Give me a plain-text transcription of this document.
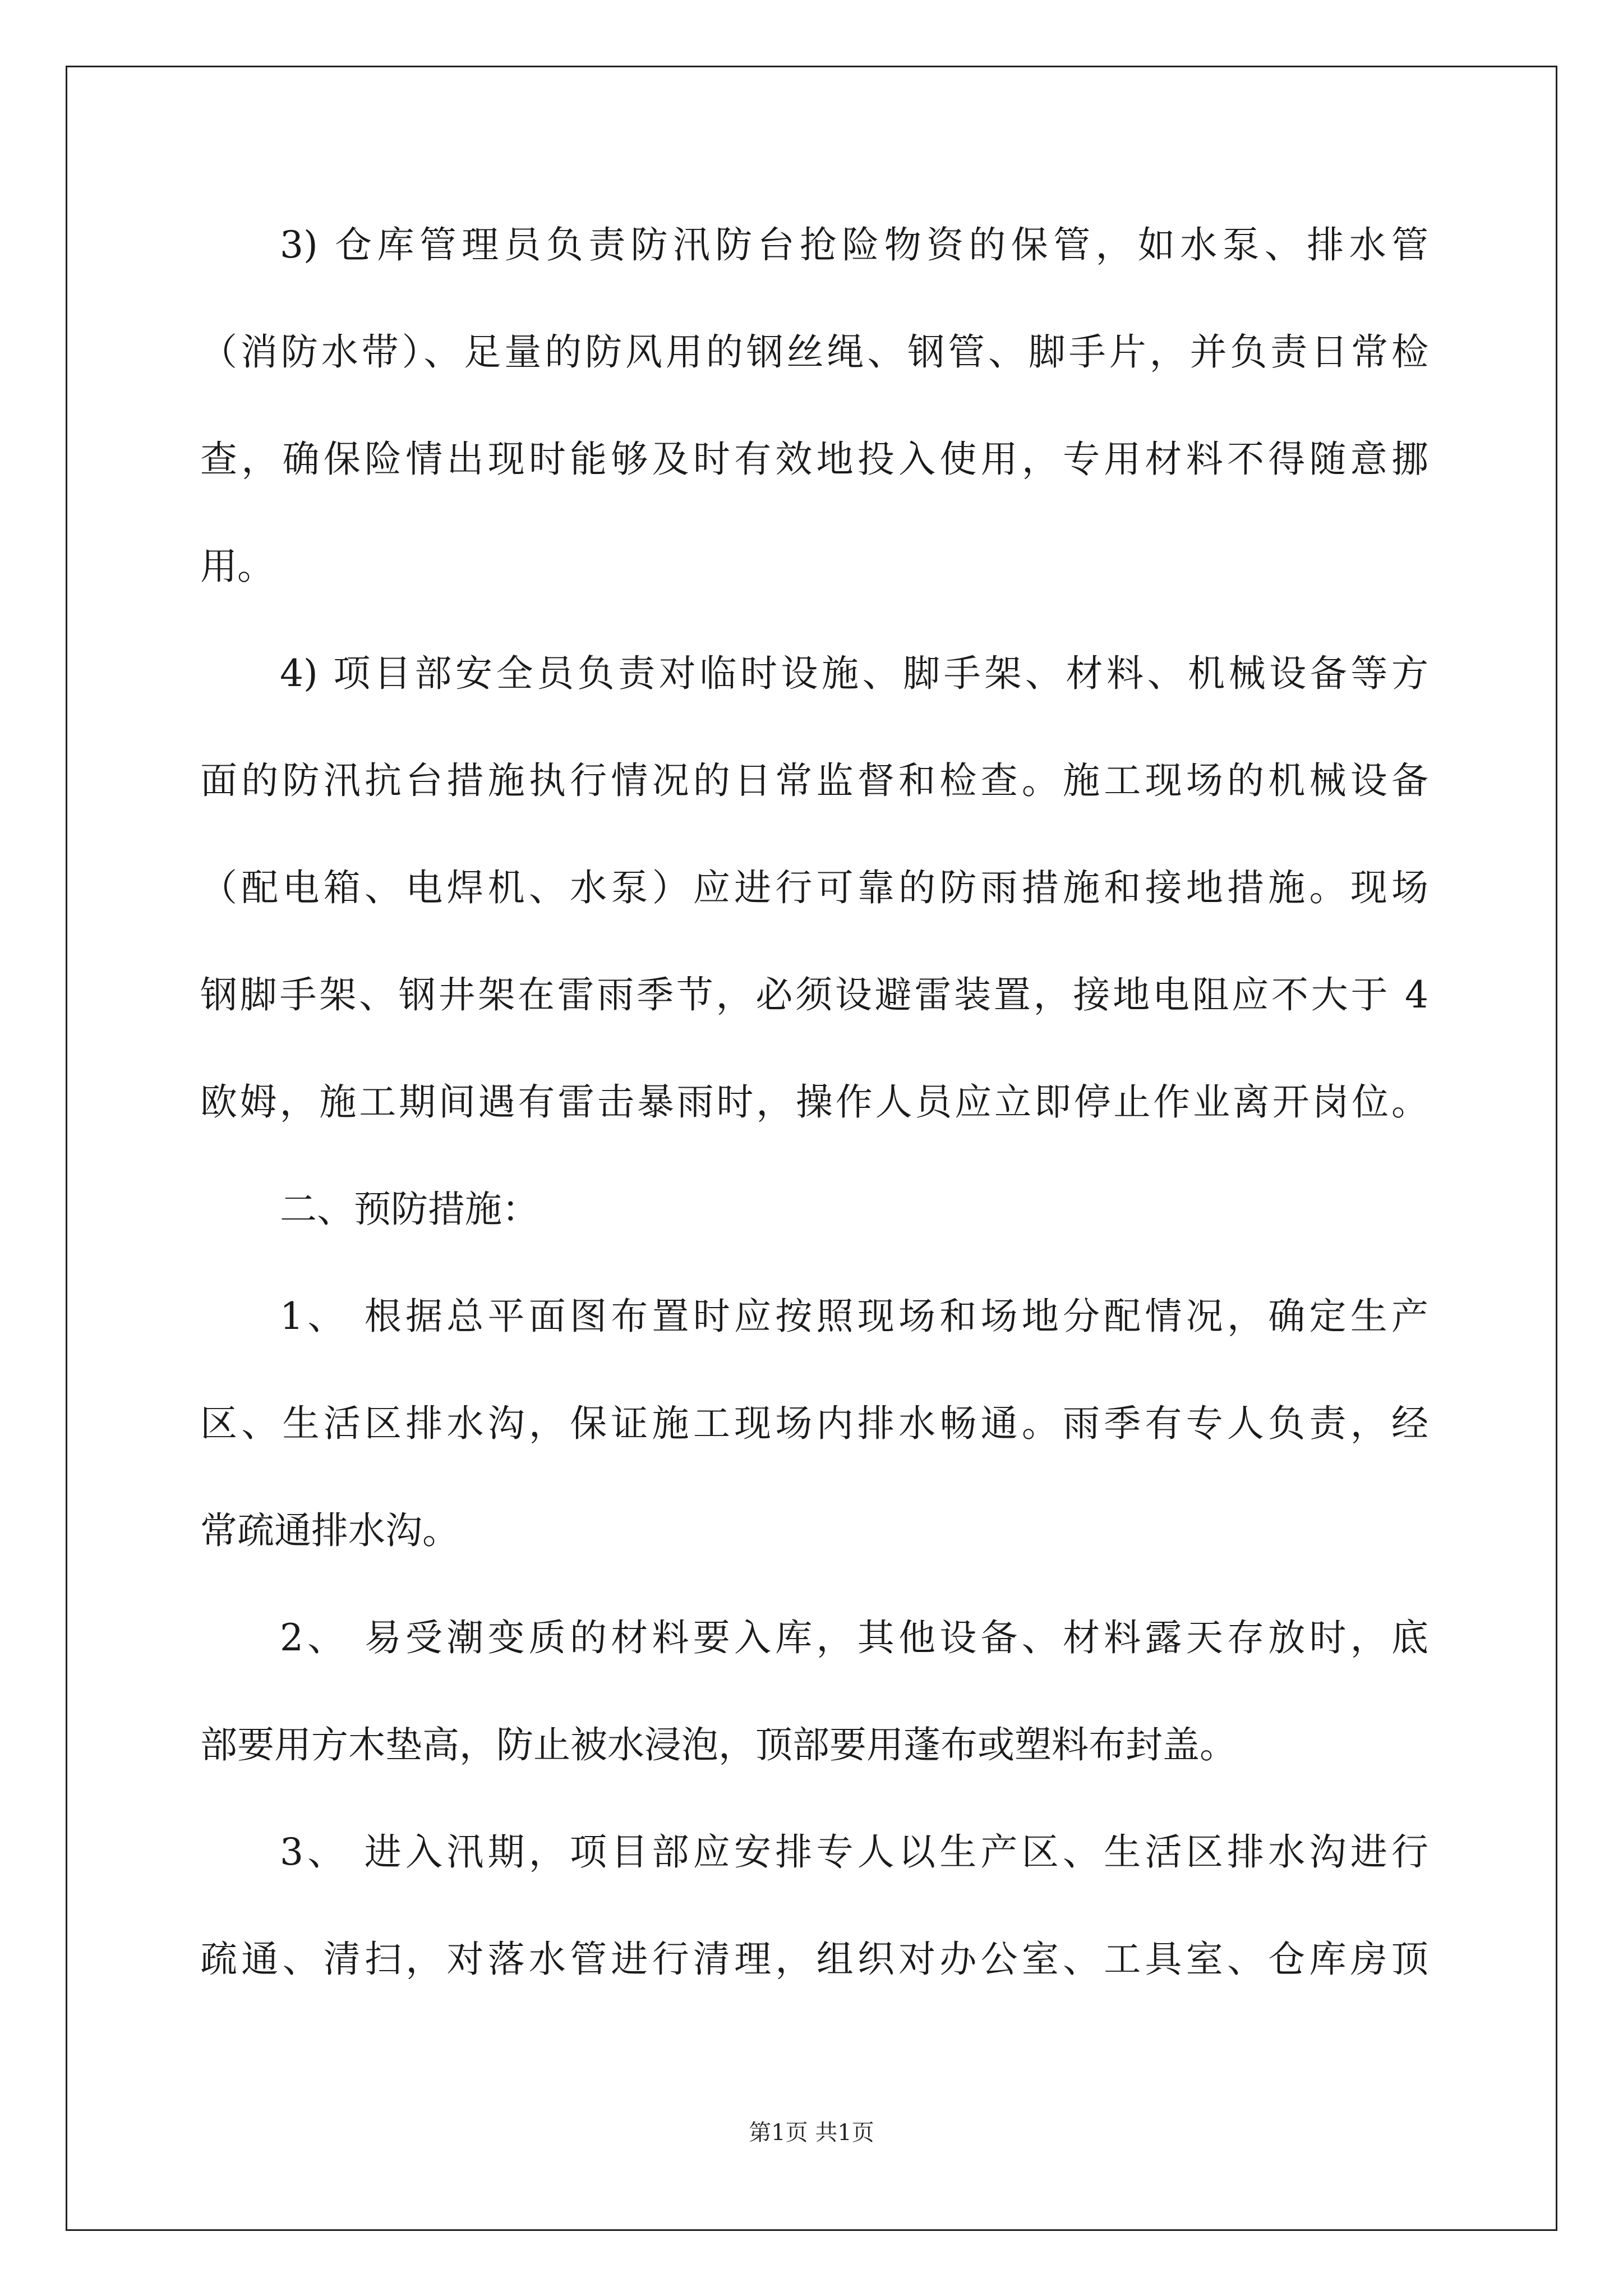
3) 仓库管理员负责防汛防台抢险物资的保管，如水泵、排水管
（消防水带）、足量的防风用的钢丝绳、钢管、脚手片，并负责日常检
查，确保险情出现时能够及时有效地投入使用，专用材料不得随意挪
用。
4) 项目部安全员负责对临时设施、脚手架、材料、机械设备等方
面的防汛抗台措施执行情况的日常监督和检查。施工现场的机械设备
（配电箱、电焊机、水泵）应进行可靠的防雨措施和接地措施。现场
钢脚手架、钢井架在雷雨季节，必须设避雷装置，接地电阻应不大于 4
欧姆，施工期间遇有雷击暴雨时，操作人员应立即停止作业离开岗位。
二、预防措施：
1、 根据总平面图布置时应按照现场和场地分配情况，确定生产
区、生活区排水沟，保证施工现场内排水畅通。雨季有专人负责，经
常疏通排水沟。
2、 易受潮变质的材料要入库，其他设备、材料露天存放时，底
部要用方木垫高，防止被水浸泡，顶部要用蓬布或塑料布封盖。
3、 进入汛期，项目部应安排专人以生产区、生活区排水沟进行
疏通、清扫，对落水管进行清理，组织对办公室、工具室、仓库房顶
第1页 共1页
